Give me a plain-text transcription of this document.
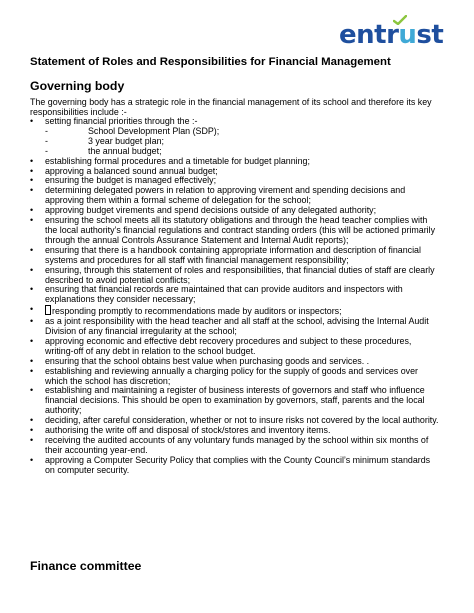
entrust
Statement of Roles and Responsibilities for Financial Management
Governing body
The governing body has a strategic role in the financial management of its school and therefore its key responsibilities include :-
•	setting financial priorities through the :-
-	School Development Plan (SDP);
-	3 year budget plan;
-	the annual budget;
•	establishing formal procedures and a timetable for budget planning;
•	approving a balanced sound annual budget;
•	ensuring the budget is managed effectively;
•	determining delegated powers in relation to approving virement and spending decisions and approving them within a formal scheme of delegation for the school;
•	approving budget virements and spend decisions outside of any delegated authority;
•	ensuring the school meets all its statutory obligations and through the head teacher complies with the local authority’s financial regulations and contract standing orders (this will be actioned primarily through the annual Controls Assurance Statement and Internal Audit reports);
•	ensuring that there is a handbook containing appropriate information and description of financial systems and procedures for all staff with financial management responsibility;
•	ensuring, through this statement of roles and responsibilities, that financial duties of staff are clearly described to avoid potential conflicts;
•	ensuring that financial records are maintained that can provide auditors and inspectors with explanations they consider necessary;
•	responding promptly to recommendations made by auditors or inspectors;
•	as a joint responsibility with the head teacher and all staff at the school, advising the Internal Audit Division of any financial irregularity at the school;
•	approving economic and effective debt recovery procedures and subject to these procedures, writing-off of any debt in relation to the school budget.
•	ensuring that the school obtains best value when purchasing goods and services. .
•	establishing and reviewing annually a charging policy for the supply of goods and services over which the school has discretion;
•	establishing and maintaining a register of business interests of governors and staff who influence financial decisions. This should be open to examination by governors, staff, parents and the local authority;
•	deciding, after careful consideration, whether or not to insure risks not covered by the local authority.
•	authorising the write off and disposal of stock/stores and inventory items.
•	receiving the audited accounts of any voluntary funds managed by the school within six months of their accounting year-end.
•	approving a Computer Security Policy that complies with the County Council’s minimum standards on computer security.
Finance committee
